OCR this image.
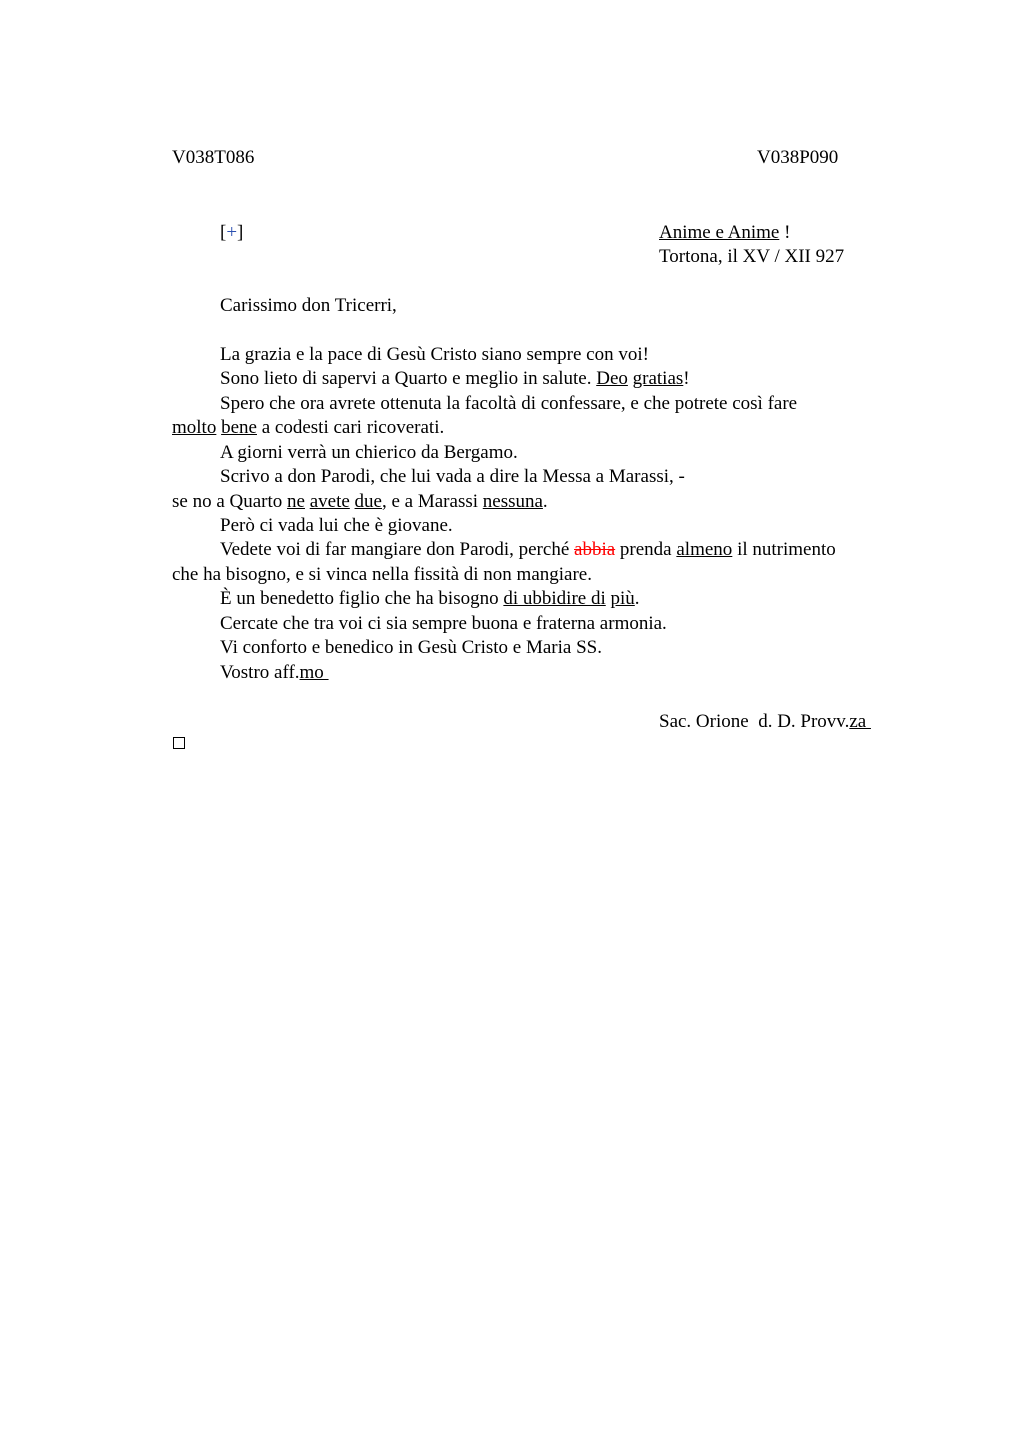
V038T086	V038P090
[+]	Anime e Anime !
Tortona, il XV / XII 927
Carissimo don Tricerri,
La grazia e la pace di Gesù Cristo siano sempre con voi!
Sono lieto di sapervi a Quarto e meglio in salute. Deo gratias!
Spero che ora avrete ottenuta la facoltà di confessare, e che potrete così fare
molto bene a codesti cari ricoverati.
A giorni verrà un chierico da Bergamo.
Scrivo a don Parodi, che lui vada a dire la Messa a Marassi, -
se no a Quarto ne avete due, e a Marassi nessuna.
Però ci vada lui che è giovane.
Vedete voi di far mangiare don Parodi, perché abbia prenda almeno il nutrimento
che ha bisogno, e si vinca nella fissità di non mangiare.
È un benedetto figlio che ha bisogno di ubbidire di più.
Cercate che tra voi ci sia sempre buona e fraterna armonia.
Vi conforto e benedico in Gesù Cristo e Maria SS.
Vostro aff.mo
Sac. Orione  d. D. Provv.za
